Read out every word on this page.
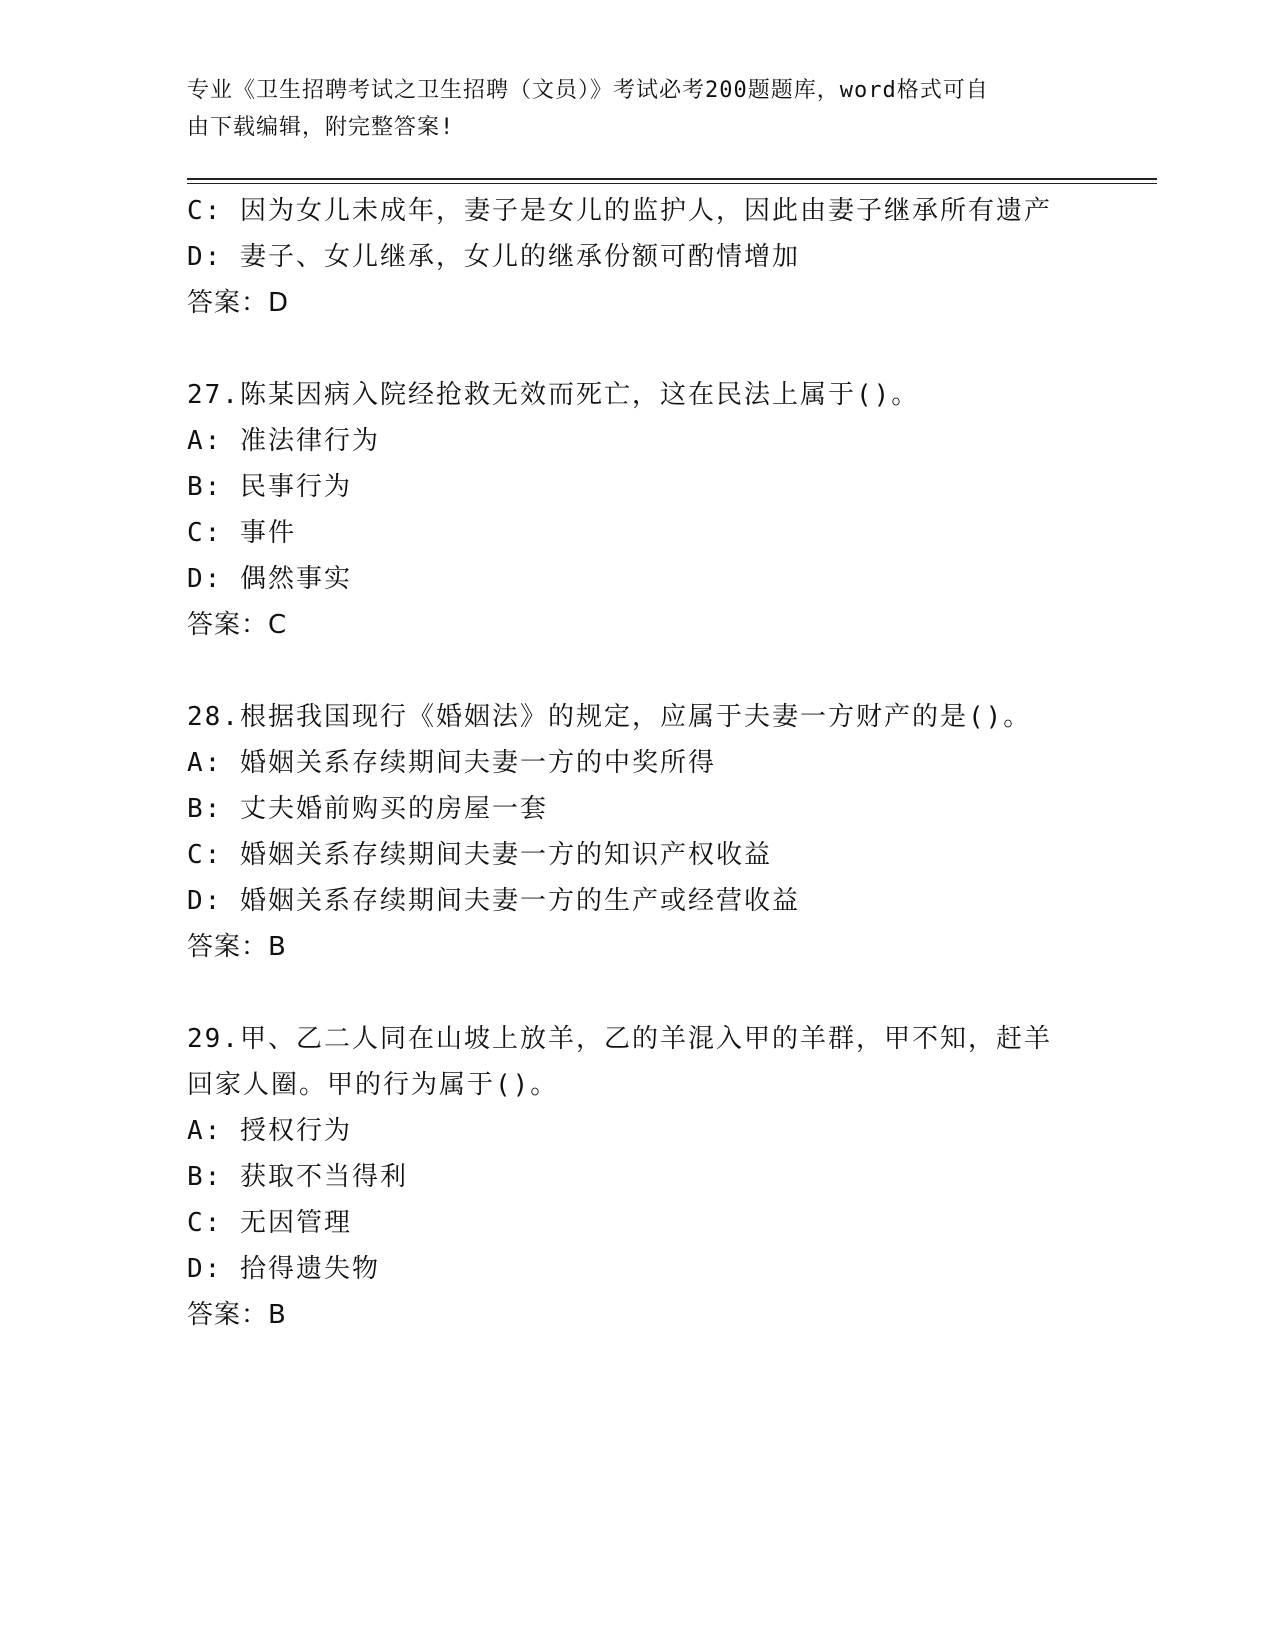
专业《卫生招聘考试之卫生招聘（文员）》考试必考200题题库，word格式可自
由下载编辑，附完整答案!
C: 因为女儿未成年，妻子是女儿的监护人，因此由妻子继承所有遗产
D: 妻子、女儿继承，女儿的继承份额可酌情增加
答案：D
27.陈某因病入院经抢救无效而死亡，这在民法上属于()。
A: 准法律行为
B: 民事行为
C: 事件
D: 偶然事实
答案：C
28.根据我国现行《婚姻法》的规定，应属于夫妻一方财产的是()。
A: 婚姻关系存续期间夫妻一方的中奖所得
B: 丈夫婚前购买的房屋一套
C: 婚姻关系存续期间夫妻一方的知识产权收益
D: 婚姻关系存续期间夫妻一方的生产或经营收益
答案：B
29.甲、乙二人同在山坡上放羊，乙的羊混入甲的羊群，甲不知，赶羊
回家人圈。甲的行为属于()。
A: 授权行为
B: 获取不当得利
C: 无因管理
D: 拾得遗失物
答案：B
